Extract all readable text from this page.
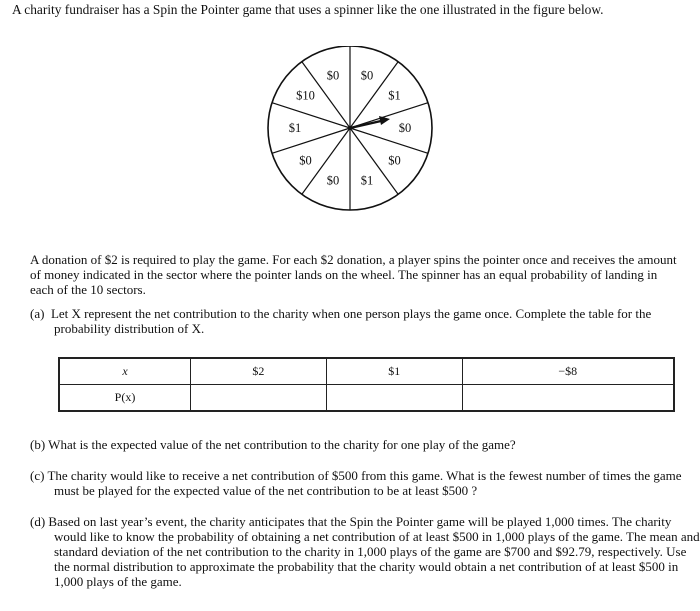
A charity fundraiser has a Spin the Pointer game that uses a spinner like the one illustrated in the figure below.

$0
$1
$0
$0
$1
$0
$0
$1
$10
$0

A donation of $2 is required to play the game. For each $2 donation, a player spins the pointer once and receives the amount of money indicated in the sector where the pointer lands on the wheel. The spinner has an equal probability of landing in each of the 10 sectors.

(a) Let X represent the net contribution to the charity when one person plays the game once. Complete the table for the probability distribution of X.
x	$2	$1	−$8
P(x)			

(b) What is the expected value of the net contribution to the charity for one play of the game?

(c) The charity would like to receive a net contribution of $500 from this game. What is the fewest number of times the game must be played for the expected value of the net contribution to be at least $500 ?

(d) Based on last year’s event, the charity anticipates that the Spin the Pointer game will be played 1,000 times. The charity would like to know the probability of obtaining a net contribution of at least $500 in 1,000 plays of the game. The mean and standard deviation of the net contribution to the charity in 1,000 plays of the game are $700 and $92.79, respectively. Use the normal distribution to approximate the probability that the charity would obtain a net contribution of at least $500 in 1,000 plays of the game.
